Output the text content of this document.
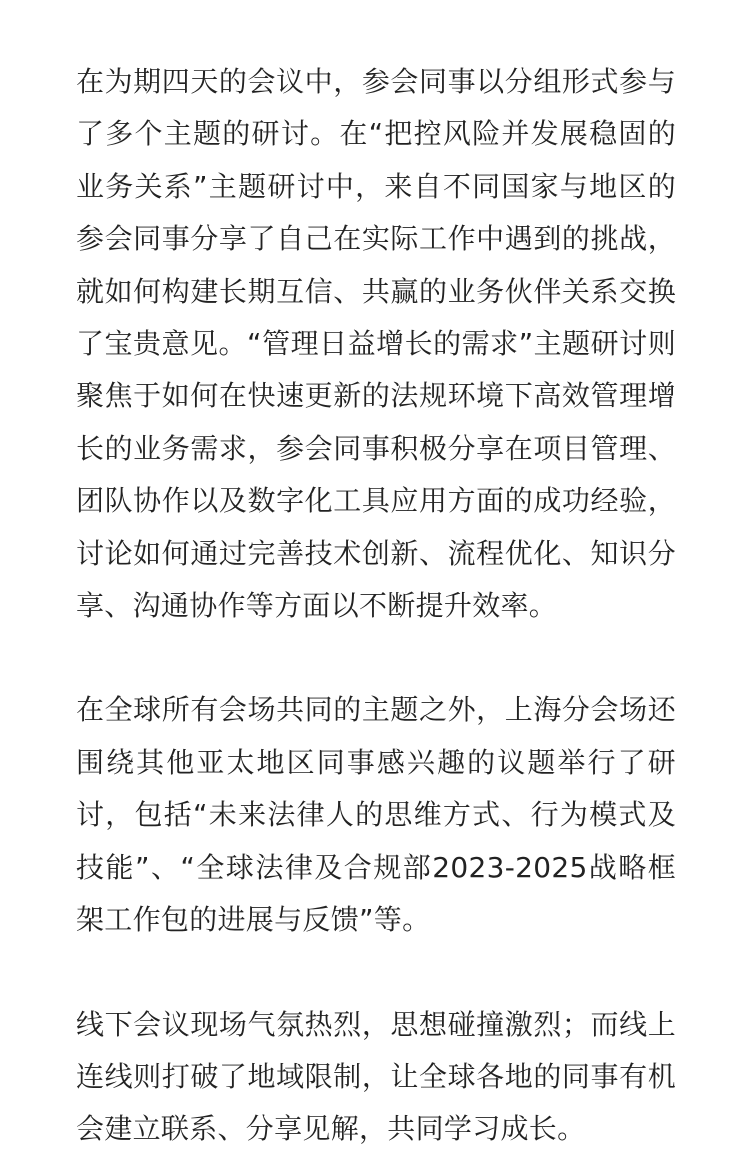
在为期四天的会议中，参会同事以分组形式参与了多个主题的研讨。在“把控风险并发展稳固的业务关系”主题研讨中，来自不同国家与地区的参会同事分享了自己在实际工作中遇到的挑战，就如何构建长期互信、共赢的业务伙伴关系交换了宝贵意见。“管理日益增长的需求”主题研讨则聚焦于如何在快速更新的法规环境下高效管理增长的业务需求，参会同事积极分享在项目管理、团队协作以及数字化工具应用方面的成功经验，讨论如何通过完善技术创新、流程优化、知识分享、沟通协作等方面以不断提升效率。

在全球所有会场共同的主题之外，上海分会场还围绕其他亚太地区同事感兴趣的议题举行了研讨，包括“未来法律人的思维方式、行为模式及技能”、“全球法律及合规部2023-2025战略框架工作包的进展与反馈”等。

线下会议现场气氛热烈，思想碰撞激烈；而线上连线则打破了地域限制，让全球各地的同事有机会建立联系、分享见解，共同学习成长。
